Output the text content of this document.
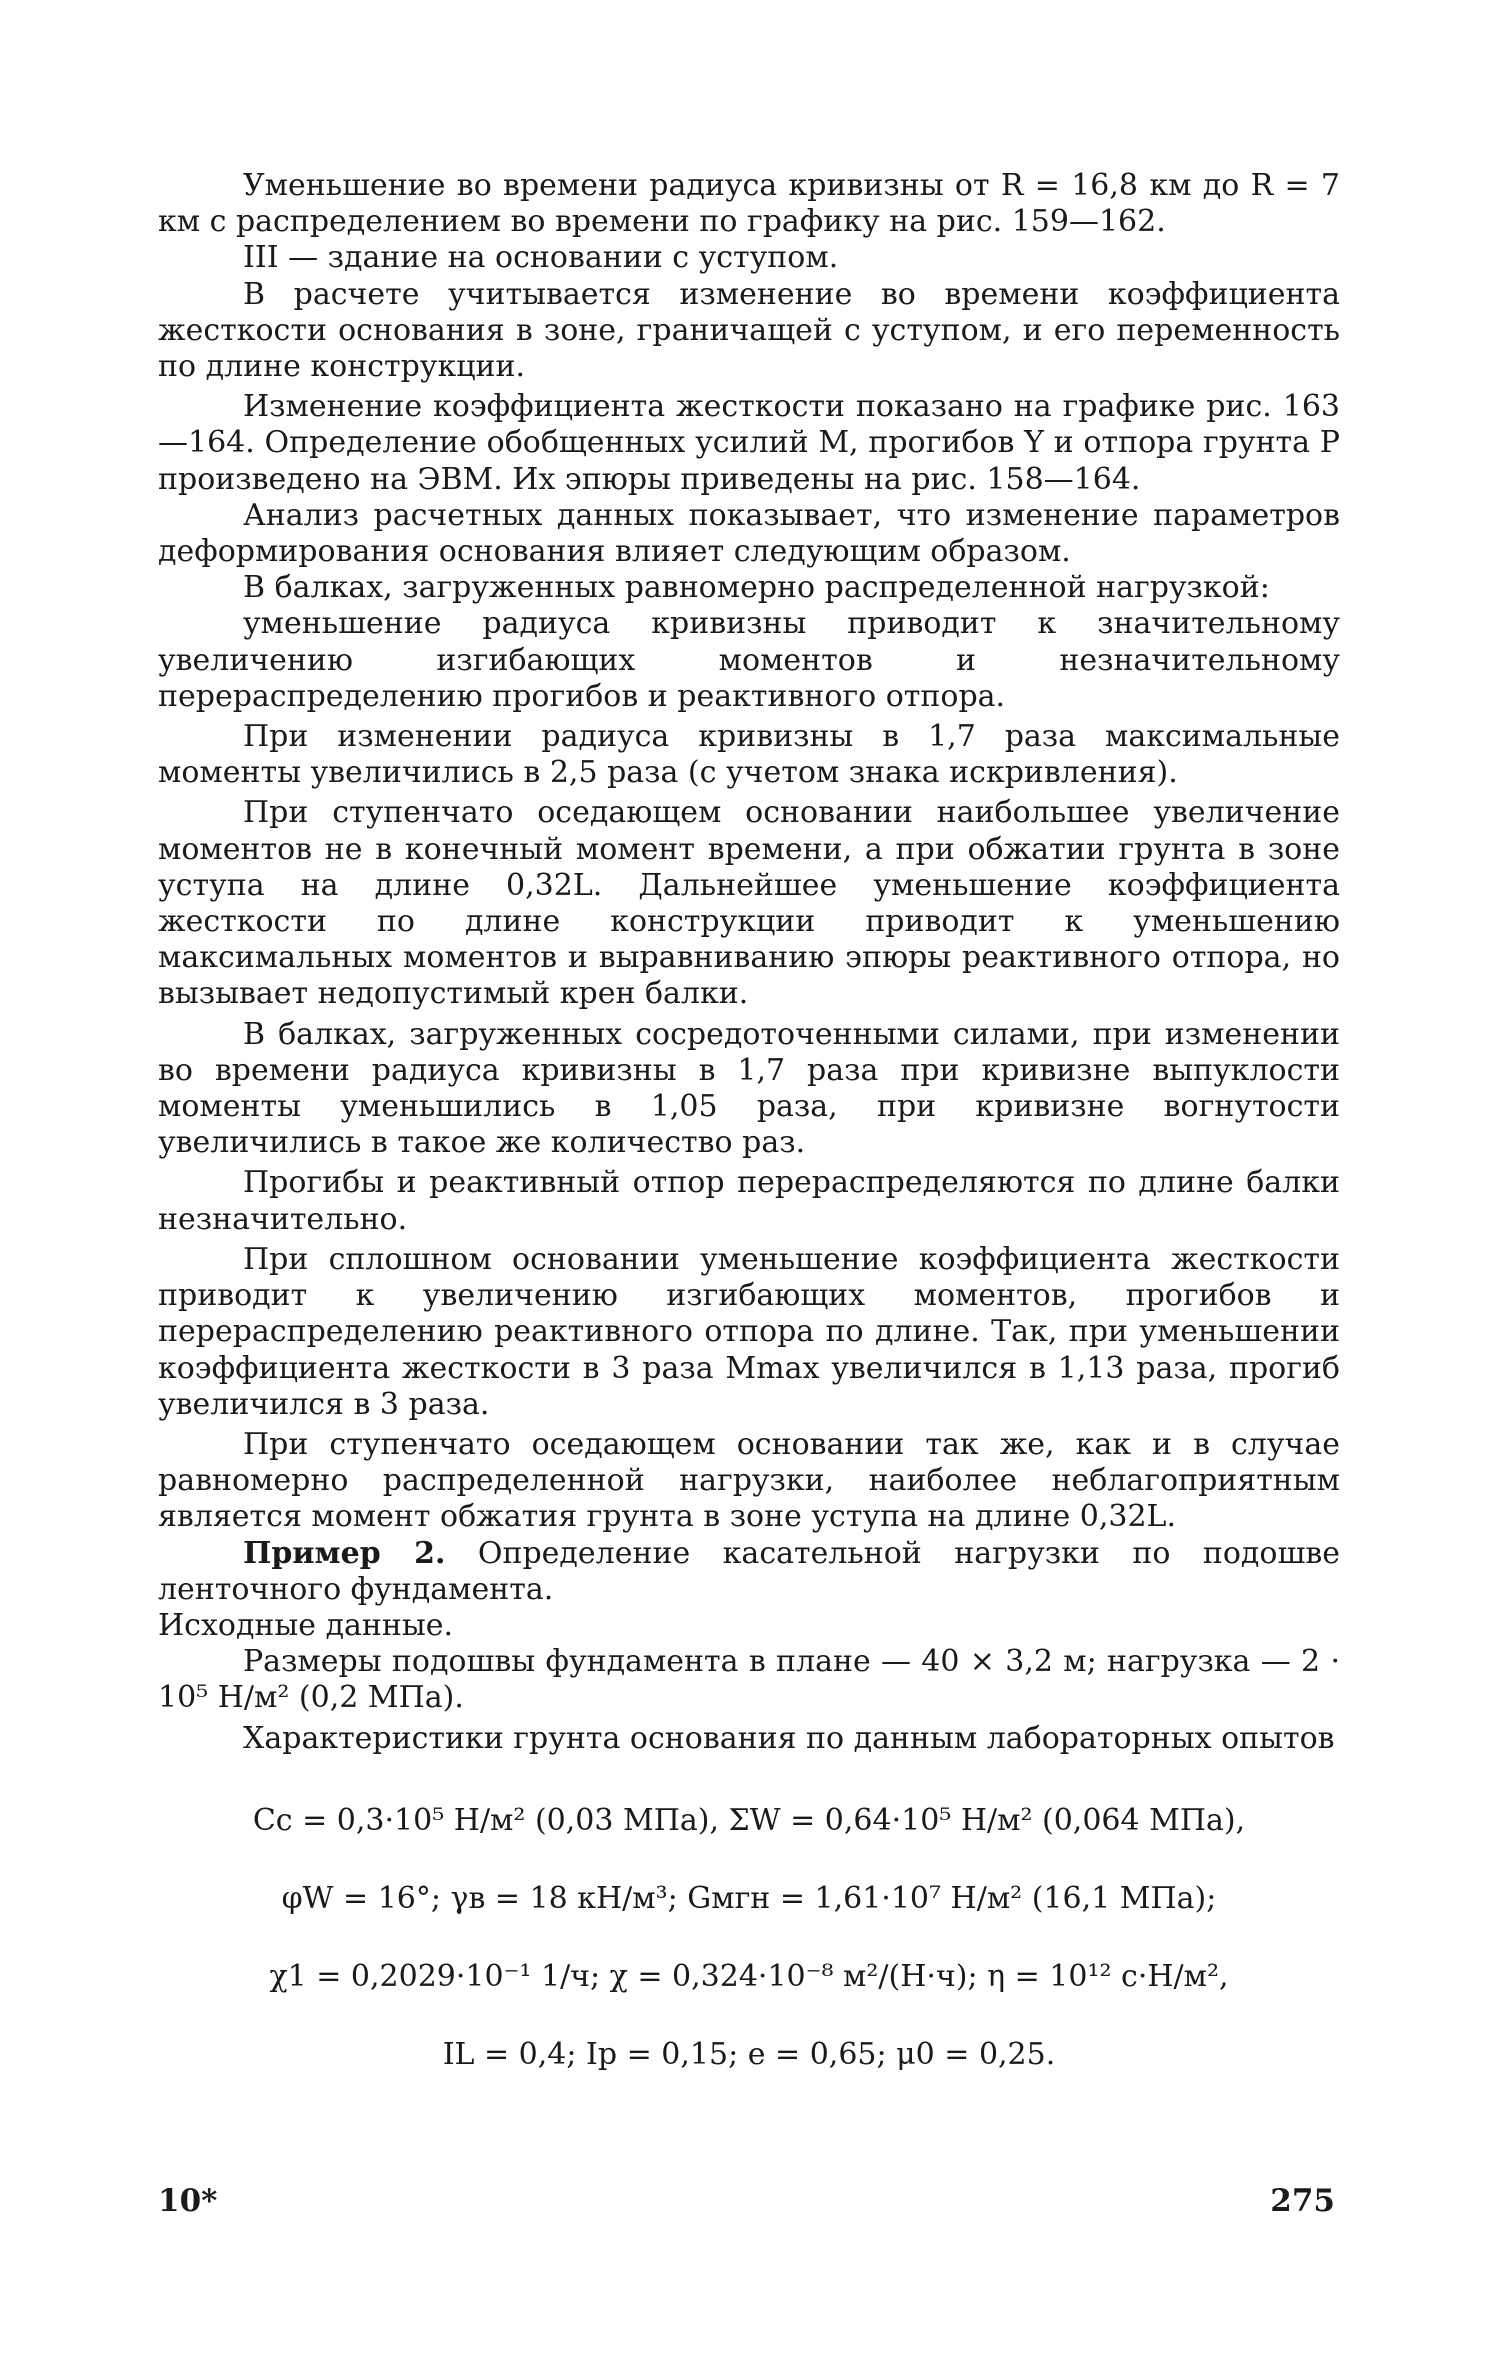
Уменьшение во времени радиуса кривизны от R = 16,8 км до R = 7 км с распределением во времени по графику на рис. 159—162.

III — здание на основании с уступом.

В расчете учитывается изменение во времени коэффициента жесткости основания в зоне, граничащей с уступом, и его переменность по длине конструкции.

Изменение коэффициента жесткости показано на графике рис. 163—164. Определение обобщенных усилий M, прогибов Y и отпора грунта P произведено на ЭВМ. Их эпюры приведены на рис. 158—164.

Анализ расчетных данных показывает, что изменение параметров деформирования основания влияет следующим образом.

В балках, загруженных равномерно распределенной нагрузкой:

уменьшение радиуса кривизны приводит к значительному увеличению изгибающих моментов и незначительному перераспределению прогибов и реактивного отпора.

При изменении радиуса кривизны в 1,7 раза максимальные моменты увеличились в 2,5 раза (с учетом знака искривления).

При ступенчато оседающем основании наибольшее увеличение моментов не в конечный момент времени, а при обжатии грунта в зоне уступа на длине 0,32L. Дальнейшее уменьшение коэффициента жесткости по длине конструкции приводит к уменьшению максимальных моментов и выравниванию эпюры реактивного отпора, но вызывает недопустимый крен балки.

В балках, загруженных сосредоточенными силами, при изменении во времени радиуса кривизны в 1,7 раза при кривизне выпуклости моменты уменьшились в 1,05 раза, при кривизне вогнутости увеличились в такое же количество раз.

Прогибы и реактивный отпор перераспределяются по длине балки незначительно.

При сплошном основании уменьшение коэффициента жесткости приводит к увеличению изгибающих моментов, прогибов и перераспределению реактивного отпора по длине. Так, при уменьшении коэффициента жесткости в 3 раза Mmax увеличился в 1,13 раза, прогиб увеличился в 3 раза.

При ступенчато оседающем основании так же, как и в случае равномерно распределенной нагрузки, наиболее неблагоприятным является момент обжатия грунта в зоне уступа на длине 0,32L.

Пример 2. Определение касательной нагрузки по подошве ленточного фундамента.

Исходные данные.

Размеры подошвы фундамента в плане — 40 × 3,2 м; нагрузка — 2 · 10⁵ Н/м² (0,2 МПа).

Характеристики грунта основания по данным лабораторных опытов

Cc = 0,3·10⁵ Н/м² (0,03 МПа), ΣW = 0,64·10⁵ Н/м² (0,064 МПа),

φW = 16°; γв = 18 кН/м³; Gмгн = 1,61·10⁷ Н/м² (16,1 МПа);

χ1 = 0,2029·10⁻¹ 1/ч; χ = 0,324·10⁻⁸ м²/(Н·ч); η = 10¹² с·Н/м²,

IL = 0,4; Ip = 0,15; e = 0,65; μ0 = 0,25.

10*	275
